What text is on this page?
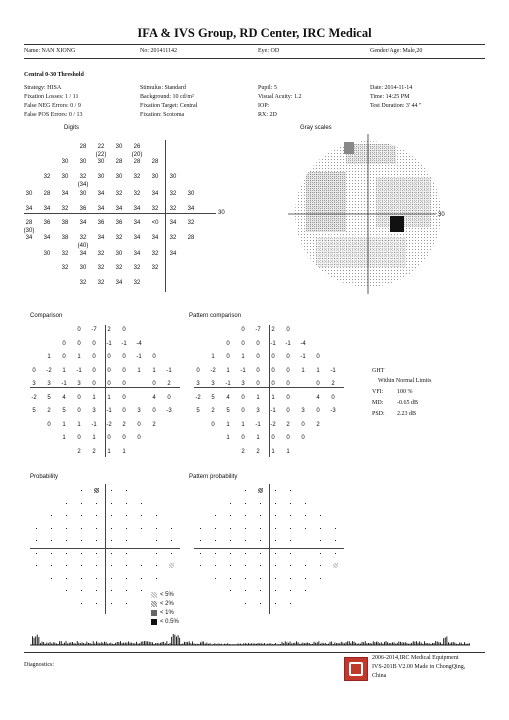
IFA & IVS Group, RD Center, IRC Medical
Name: NAN XIONG	No: 201411142	Eye: OD	Gender/Age: Male,20
Central 0-30 Threshold
Strategy: HISA
Fixation Losses: 1 / 11
False NEG Errors: 0 / 9
False POS Errors: 0 / 13
Stimulus: Standard
Background: 10 cd/m²
Fixation Target: Central
Fixation: Scotoma
Pupil: 5
Visual Acuity: 1.2
IOP:
RX: 2D
Date: 2014-11-14
Time: 14:25 PM
Test Duration: 3' 44 "
Digits	Gray scales
30
28	22	30	26
(22)	(20)
30	30	30	28	28	28
32	30	32	30	30	32	30	30
(34)
30	28	34	30	34	32	32	34	32	30
34	34	32	36	34	34	34	32	32	34
28	36	38	34	36	36	34	<0	34	32
(30)
34	34	38	32	34	32	34	34	32	28
(40)
30	32	34	32	30	34	32	34
32	30	32	32	32	32
32	32	34	32
30
Comparison	Pattern comparison
0	-7	2	0
0	0	0	-1	-1	-4
1	0	1	0	0	0	-1	0
0	-2	1	-1	0	0	0	1	1	-1
3	3	-1	3	0	0	0	0	2
-2	5	4	0	1	1	0	4	0
5	2	5	0	3	-1	0	3	0	-3
0	1	1	-1	-2	2	0	2
1	0	1	0	0	0
2	2	1	1
0	-7	2	0
0	0	0	-1	-1	-4
1	0	1	0	0	0	-1	0
0	-2	1	-1	0	0	0	1	1	-1
3	3	-1	3	0	0	0	0	2
-2	5	4	0	1	1	0	4	0
5	2	5	0	3	-1	0	3	0	-3
0	1	1	-1	-2	2	0	2
1	0	1	0	0	0
2	2	1	1
GHT
Within Normal Limits
VFI: 100 %
MD: -0.65 dB
PSD: 2.23 dB
Probability	Pattern probability
< 5%
< 2%
< 1%
< 0.5%
Diagnostics:
2006-2014,IRC Medical Equipment
IVS-201B V2.00 Made in ChongQing,
China
